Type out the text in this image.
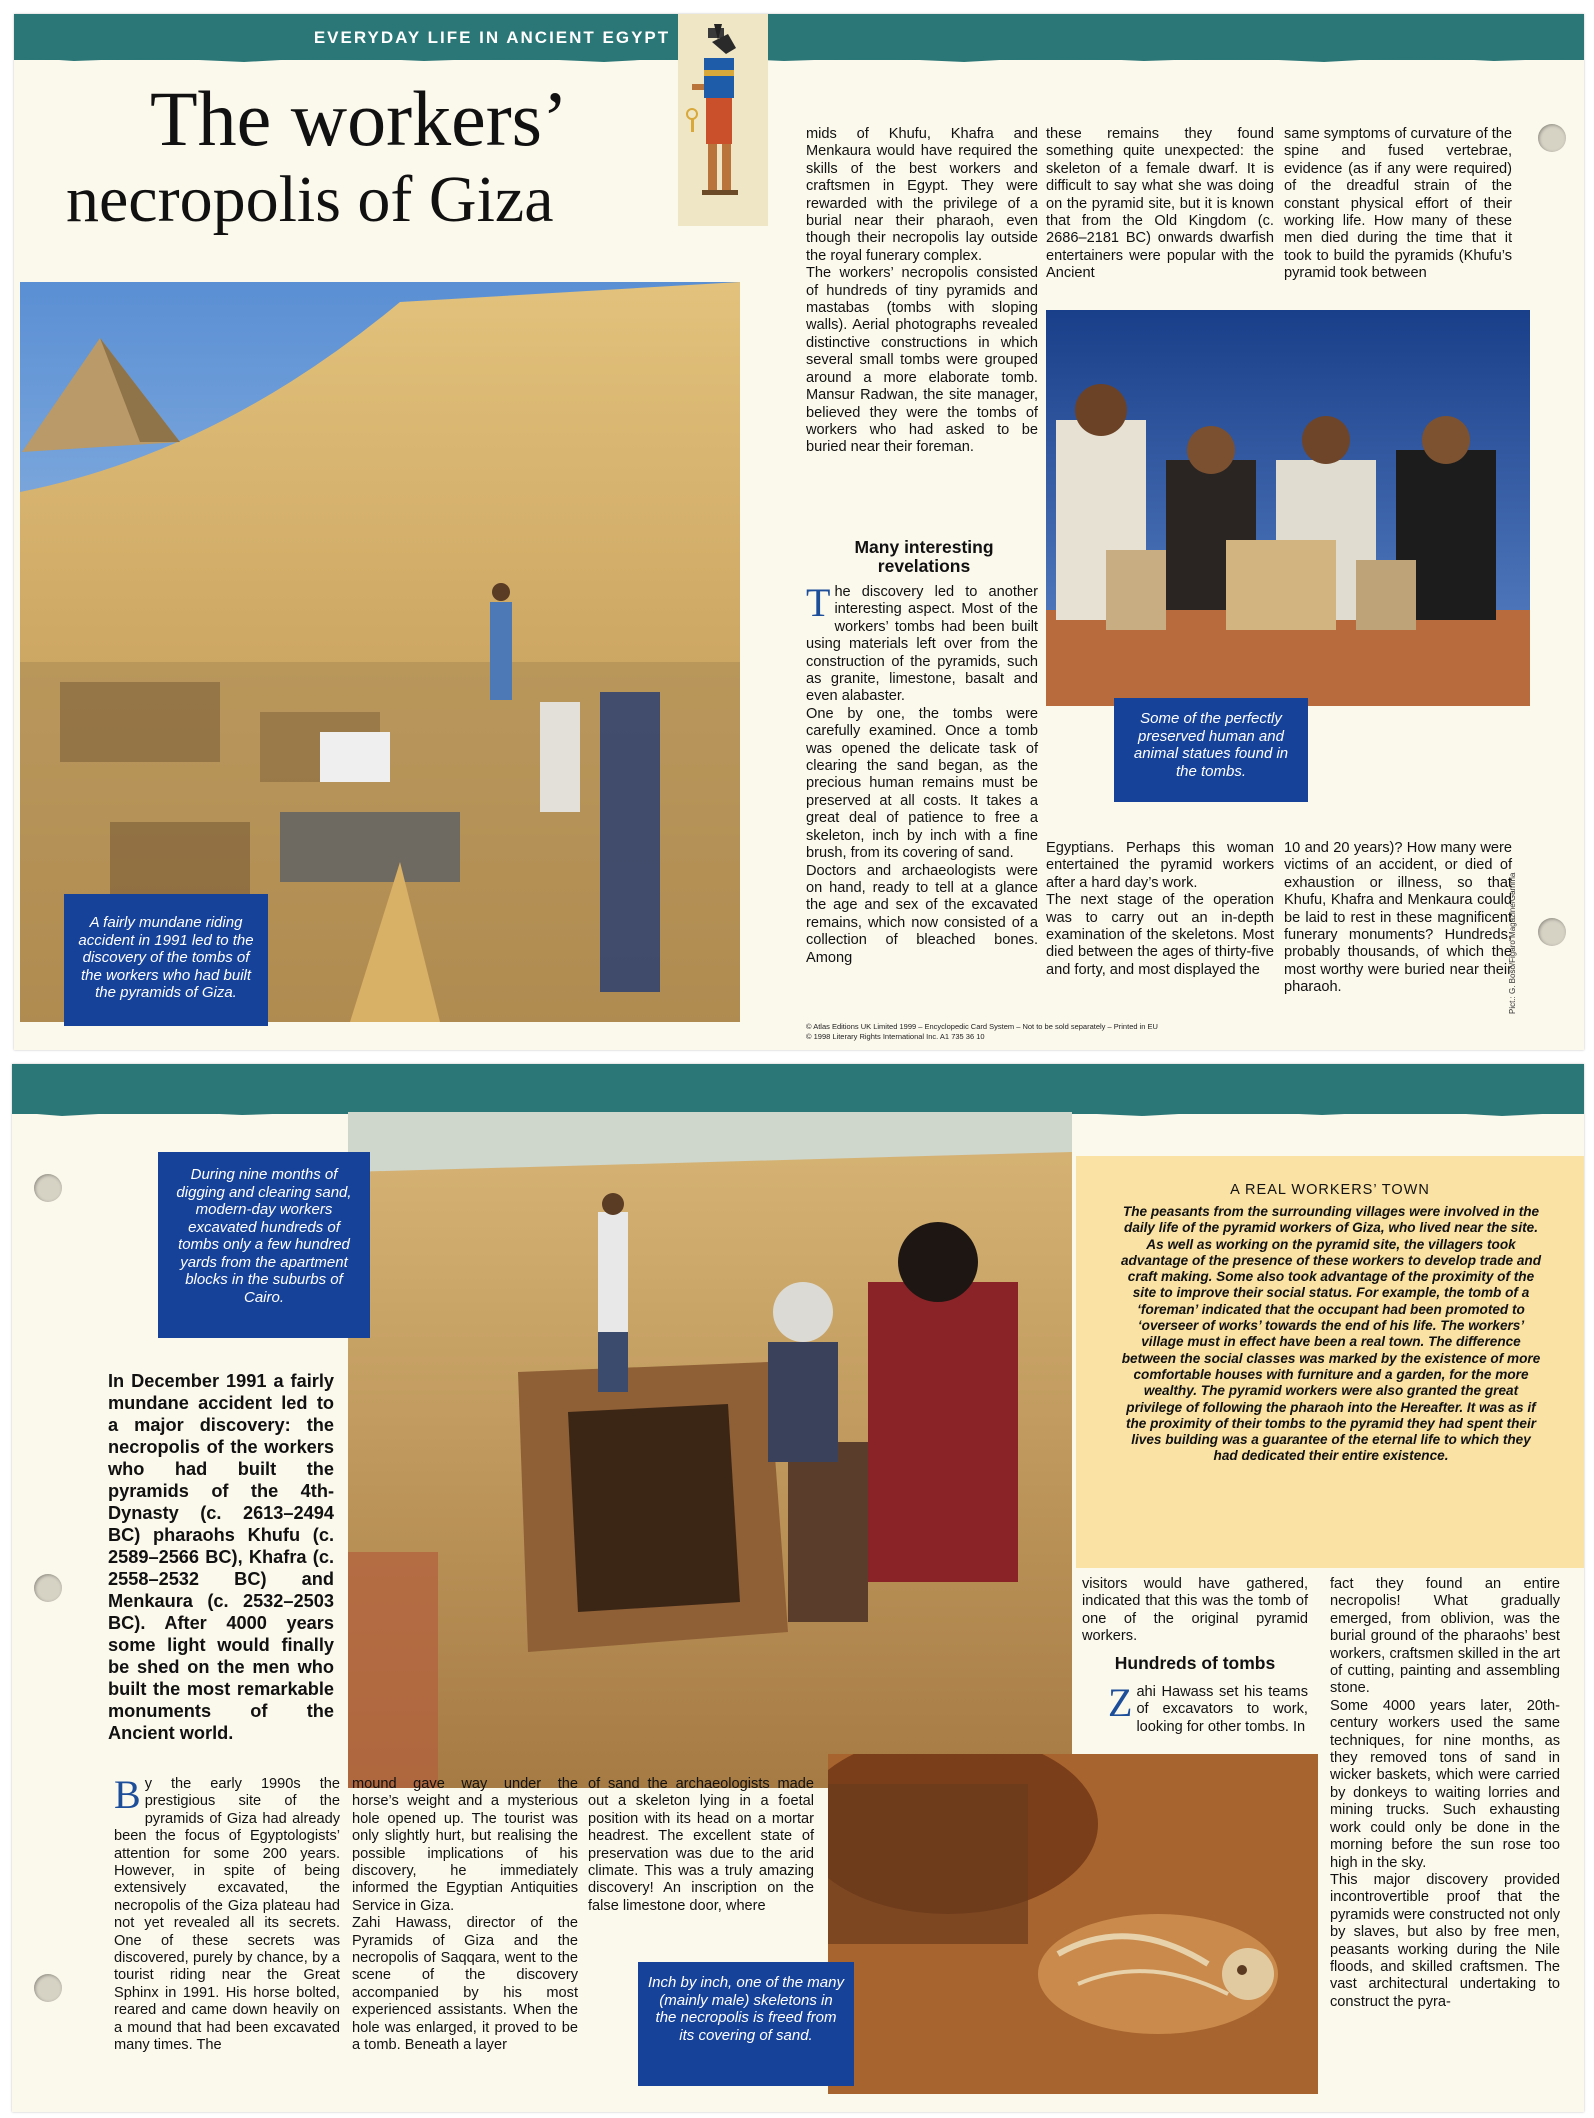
EVERYDAY LIFE IN ANCIENT EGYPT
The workers’
necropolis of Giza
A fairly mundane riding accident in 1991 led to the discovery of the tombs of the workers who had built the pyramids of Giza.

mids of Khufu, Khafra and Menkaura would have required the skills of the best workers and craftsmen in Egypt. They were rewarded with the privilege of a burial near their pharaoh, even though their necropolis lay outside the royal funerary complex.

The workers’ necropolis consisted of hundreds of tiny pyramids and mastabas (tombs with sloping walls). Aerial photographs revealed distinctive constructions in which several small tombs were grouped around a more elaborate tomb. Mansur Radwan, the site manager, believed they were the tombs of workers who had asked to be buried near their foreman.

Many interesting revelations
T he discovery led to another interesting aspect. Most of the workers’ tombs had been built using materials left over from the construction of the pyramids, such as granite, limestone, basalt and even alabaster.

One by one, the tombs were carefully examined. Once a tomb was opened the delicate task of clearing the sand began, as the precious human remains must be preserved at all costs. It takes a great deal of patience to free a skeleton, inch by inch with a fine brush, from its covering of sand.

Doctors and archaeologists were on hand, ready to tell at a glance the age and sex of the excavated remains, which now consisted of a collection of bleached bones. Among

these remains they found something quite unexpected: the skeleton of a female dwarf. It is difficult to say what she was doing on the pyramid site, but it is known that from the Old Kingdom (c. 2686–2181 BC) onwards dwarfish entertainers were popular with the Ancient

same symptoms of curvature of the spine and fused vertebrae, evidence (as if any were required) of the dreadful strain of the constant physical effort of their working life. How many of these men died during the time that it took to build the pyramids (Khufu’s pyramid took between

Some of the perfectly preserved human and animal statues found in the tombs.

Egyptians. Perhaps this woman entertained the pyramid workers after a hard day’s work.

The next stage of the operation was to carry out an in-depth examination of the skeletons. Most died between the ages of thirty-five and forty, and most displayed the

10 and 20 years)? How many were victims of an accident, or died of exhaustion or illness, so that Khufu, Khafra and Menkaura could be laid to rest in these magnificent funerary monuments? Hundreds, probably thousands, of which the most worthy were buried near their pharaoh.

© Atlas Editions UK Limited 1999 – Encyclopedic Card System – Not to be sold separately – Printed in EU
© 1998 Literary Rights International Inc. A1 735 36 10
Pict.: G. Boso/Figaro Magazine/Gamma
During nine months of digging and clearing sand, modern-day workers excavated hundreds of tombs only a few hundred yards from the apartment blocks in the suburbs of Cairo.
In December 1991 a fairly mundane accident led to a major discovery: the necropolis of the workers who had built the pyramids of the 4th-Dynasty (c. 2613–2494 BC) pharaohs Khufu (c. 2589–2566 BC), Khafra (c. 2558–2532 BC) and Menkaura (c. 2532–2503 BC). After 4000 years some light would finally be shed on the men who built the most remarkable monuments of the Ancient world.
A REAL WORKERS’ TOWN
The peasants from the surrounding villages were involved in the daily life of the pyramid workers of Giza, who lived near the site. As well as working on the pyramid site, the villagers took advantage of the presence of these workers to develop trade and craft making. Some also took advantage of the proximity of the site to improve their social status. For example, the tomb of a ‘foreman’ indicated that the occupant had been promoted to ‘overseer of works’ towards the end of his life. The workers’ village must in effect have been a real town. The difference between the social classes was marked by the existence of more comfortable houses with furniture and a garden, for the more wealthy. The pyramid workers were also granted the great privilege of following the pharaoh into the Hereafter. It was as if the proximity of their tombs to the pyramid they had spent their lives building was a guarantee of the eternal life to which they had dedicated their entire existence.
B y the early 1990s the prestigious site of the pyramids of Giza had already been the focus of Egyptologists’ attention for some 200 years. However, in spite of being extensively excavated, the necropolis of the Giza plateau had not yet revealed all its secrets. One of these secrets was discovered, purely by chance, by a tourist riding near the Great Sphinx in 1991. His horse bolted, reared and came down heavily on a mound that had been excavated many times. The

mound gave way under the horse’s weight and a mysterious hole opened up. The tourist was only slightly hurt, but realising the possible implications of his discovery, he immediately informed the Egyptian Antiquities Service in Giza.

Zahi Hawass, director of the Pyramids of Giza and the necropolis of Saqqara, went to the scene of the discovery accompanied by his most experienced assistants. When the hole was enlarged, it proved to be a tomb. Beneath a layer

of sand the archaeologists made out a skeleton lying in a foetal position with its head on a mortar headrest. The excellent state of preservation was due to the arid climate. This was a truly amazing discovery! An inscription on the false limestone door, where

Inch by inch, one of the many (mainly male) skeletons in the necropolis is freed from its covering of sand.

visitors would have gathered, indicated that this was the tomb of one of the original pyramid workers.

Hundreds of tombs
Z ahi Hawass set his teams of excavators to work, looking for other tombs. In

fact they found an entire necropolis! What gradually emerged, from oblivion, was the burial ground of the pharaohs’ best workers, craftsmen skilled in the art of cutting, painting and assembling stone.

Some 4000 years later, 20th-century workers used the same techniques, for nine months, as they removed tons of sand in wicker baskets, which were carried by donkeys to waiting lorries and mining trucks. Such exhausting work could only be done in the morning before the sun rose too high in the sky.

This major discovery provided incontrovertible proof that the pyramids were constructed not only by slaves, but also by free men, peasants working during the Nile floods, and skilled craftsmen. The vast architectural undertaking to construct the pyra-
